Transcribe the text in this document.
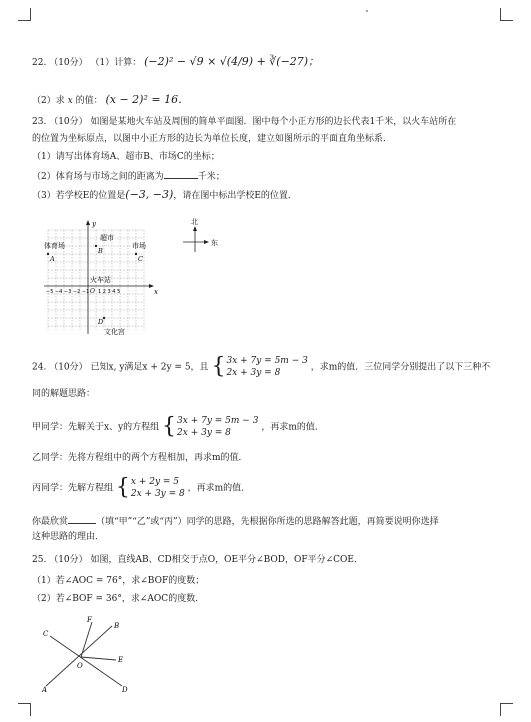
22. （10分） （1）计算： (−2)² − √9 × √(4/9) + ∛(−27)；
（2）求 x 的值： (x − 2)² = 16．
23. （10分） 如图是某地火车站及周围的简单平面图．图中每个小正方形的边长代表1千米，以火车站所在
的位置为坐标原点，以图中小正方形的边长为单位长度，建立如图所示的平面直角坐标系．
（1）请写出体育场A、超市B、市场C的坐标；
（2）体育场与市场之间的距离为	千米；
（3）若学校E的位置是(−3, −3)，请在图中标出学校E的位置．
y
x
O
−5 −4 −3 −2 −1 1 2 3 4 5
体育场
A
超市
B
市场
C
火车站
D
文化宫
北
东
24. （10分） 已知x, y满足x + 2y = 5，且 {3x + 7y = 5m − 3
2x + 3y = 8 ，求m的值．三位同学分别提出了以下三种不
同的解题思路：
甲同学：先解关于x、y的方程组 {3x + 7y = 5m − 3
2x + 3y = 8 ，再求m的值．
乙同学：先将方程组中的两个方程相加，再求m的值．
丙同学：先解方程组 {x + 2y = 5
2x + 3y = 8 ，再求m的值．
你最欣赏	（填“甲”“乙”或“丙”）同学的思路，先根据你所选的思路解答此题，再简要说明你选择
这种思路的理由．
25. （10分） 如图，直线AB、CD相交于点O，OE平分∠BOD，OF平分∠COE．
（1）若∠AOC = 76°，求∠BOF的度数；
（2）若∠BOF = 36°，求∠AOC的度数．
A
B
C
D
E
F
O
